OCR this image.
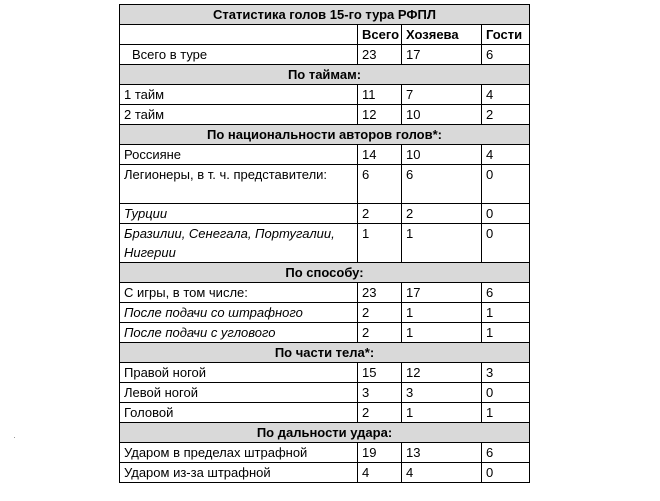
Статистика голов 15-го тура РФПЛ			
	Всего	Хозяева	Гости
Всего в туре	23	17	6
По таймам:			
1 тайм	11	7	4
2 тайм	12	10	2
По национальности авторов голов*:			
Россияне	14	10	4
Легионеры, в т. ч. представители:	6	6	0
Турции	2	2	0
Бразилии, Сенегала, Португалии, Нигерии	1	1	0
По способу:			
С игры, в том числе:	23	17	6
После подачи со штрафного	2	1	1
После подачи с углового	2	1	1
По части тела*:			
Правой ногой	15	12	3
Левой ногой	3	3	0
Головой	2	1	1
По дальности удара:			
Ударом в пределах штрафной	19	13	6
Ударом из-за штрафной	4	4	0
